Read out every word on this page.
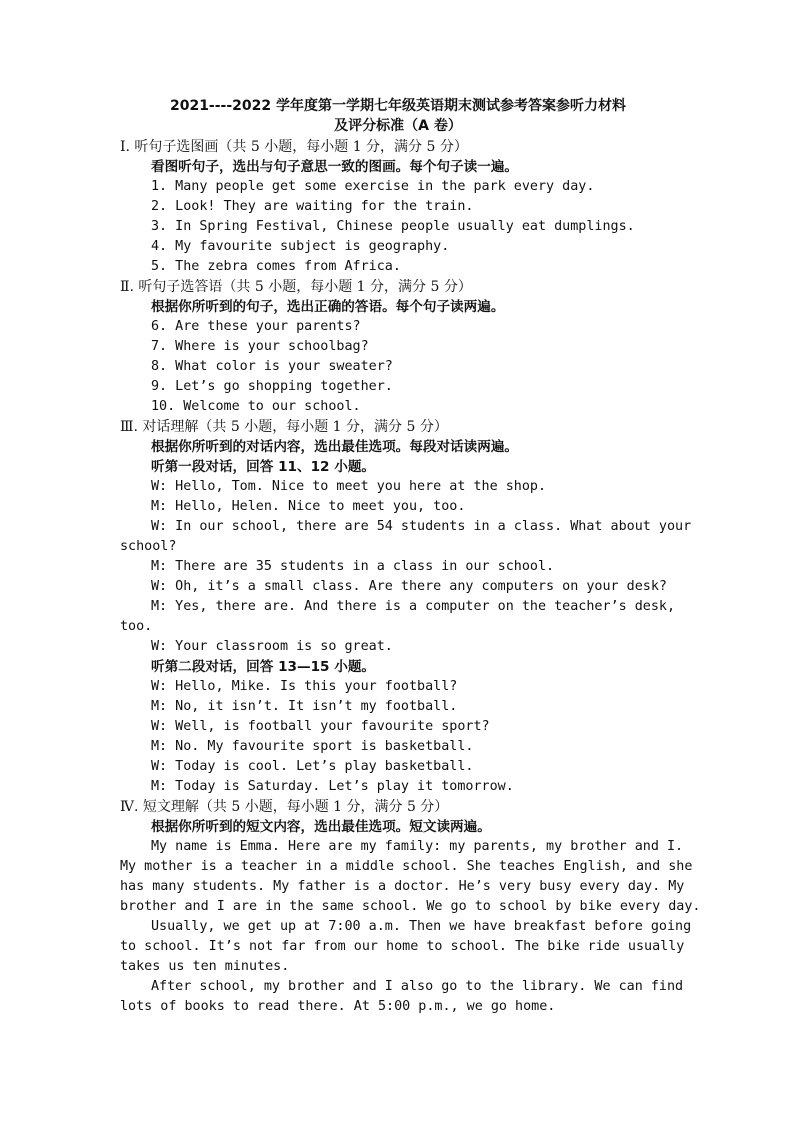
2021----2022 学年度第一学期七年级英语期末测试参考答案参听力材料
及评分标准（A 卷）
Ⅰ. 听句子选图画（共 5 小题，每小题 1 分，满分 5 分）
看图听句子，选出与句子意思一致的图画。每个句子读一遍。
1. Many people get some exercise in the park every day.
2. Look! They are waiting for the train.
3. In Spring Festival, Chinese people usually eat dumplings.
4. My favourite subject is geography.
5. The zebra comes from Africa.
Ⅱ. 听句子选答语（共 5 小题，每小题 1 分，满分 5 分）
根据你所听到的句子，选出正确的答语。每个句子读两遍。
6. Are these your parents?
7. Where is your schoolbag?
8. What color is your sweater?
9. Let’s go shopping together.
10. Welcome to our school.
Ⅲ. 对话理解（共 5 小题，每小题 1 分，满分 5 分）
根据你所听到的对话内容，选出最佳选项。每段对话读两遍。
听第一段对话，回答 11、12 小题。
W: Hello, Tom. Nice to meet you here at the shop.
M: Hello, Helen. Nice to meet you, too.
W: In our school, there are 54 students in a class. What about your
school?
M: There are 35 students in a class in our school.
W: Oh, it’s a small class. Are there any computers on your desk?
M: Yes, there are. And there is a computer on the teacher’s desk,
too.
W: Your classroom is so great.
听第二段对话，回答 13—15 小题。
W: Hello, Mike. Is this your football?
M: No, it isn’t. It isn’t my football.
W: Well, is football your favourite sport?
M: No. My favourite sport is basketball.
W: Today is cool. Let’s play basketball.
M: Today is Saturday. Let’s play it tomorrow.
Ⅳ. 短文理解（共 5 小题，每小题 1 分，满分 5 分）
根据你所听到的短文内容，选出最佳选项。短文读两遍。
My name is Emma. Here are my family: my parents, my brother and I.
My mother is a teacher in a middle school. She teaches English, and she
has many students. My father is a doctor. He’s very busy every day. My
brother and I are in the same school. We go to school by bike every day.
Usually, we get up at 7:00 a.m. Then we have breakfast before going
to school. It’s not far from our home to school. The bike ride usually
takes us ten minutes.
After school, my brother and I also go to the library. We can find
lots of books to read there. At 5:00 p.m., we go home.
